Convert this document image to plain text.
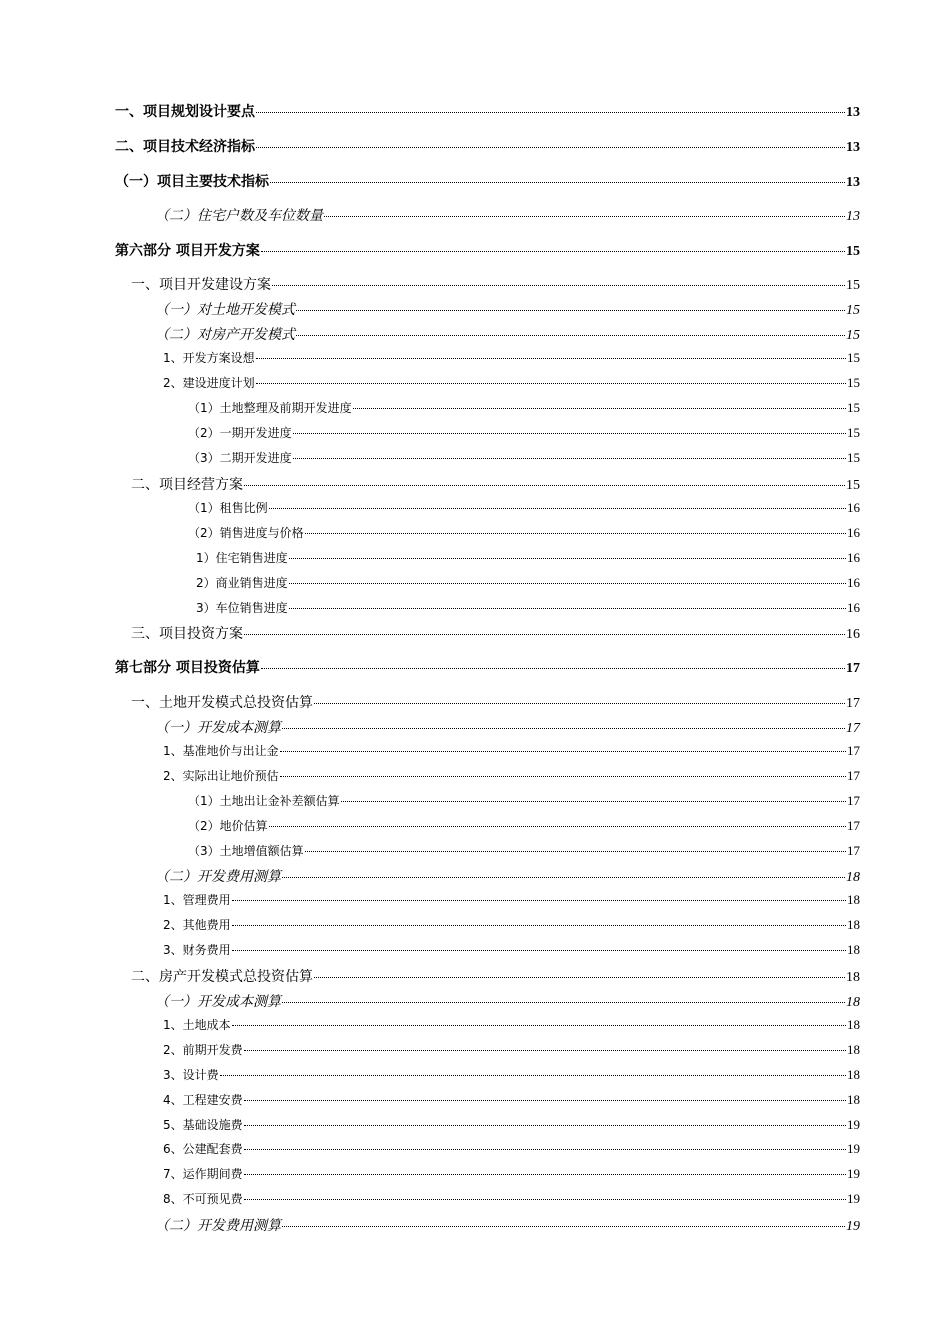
一、项目规划设计要点	13
二、项目技术经济指标	13
（一）项目主要技术指标	13
（二）住宅户数及车位数量	13
第六部分 项目开发方案	15
一、项目开发建设方案	15
（一）对土地开发模式	15
（二）对房产开发模式	15
1、开发方案设想	15
2、建设进度计划	15
（1）土地整理及前期开发进度	15
（2）一期开发进度	15
（3）二期开发进度	15
二、项目经营方案	15
（1）租售比例	16
（2）销售进度与价格	16
1）住宅销售进度	16
2）商业销售进度	16
3）车位销售进度	16
三、项目投资方案	16
第七部分 项目投资估算	17
一、土地开发模式总投资估算	17
（一）开发成本测算	17
1、基准地价与出让金	17
2、实际出让地价预估	17
（1）土地出让金补差额估算	17
（2）地价估算	17
（3）土地增值额估算	17
（二）开发费用测算	18
1、管理费用	18
2、其他费用	18
3、财务费用	18
二、房产开发模式总投资估算	18
（一）开发成本测算	18
1、土地成本	18
2、前期开发费	18
3、设计费	18
4、工程建安费	18
5、基础设施费	19
6、公建配套费	19
7、运作期间费	19
8、不可预见费	19
（二）开发费用测算	19
